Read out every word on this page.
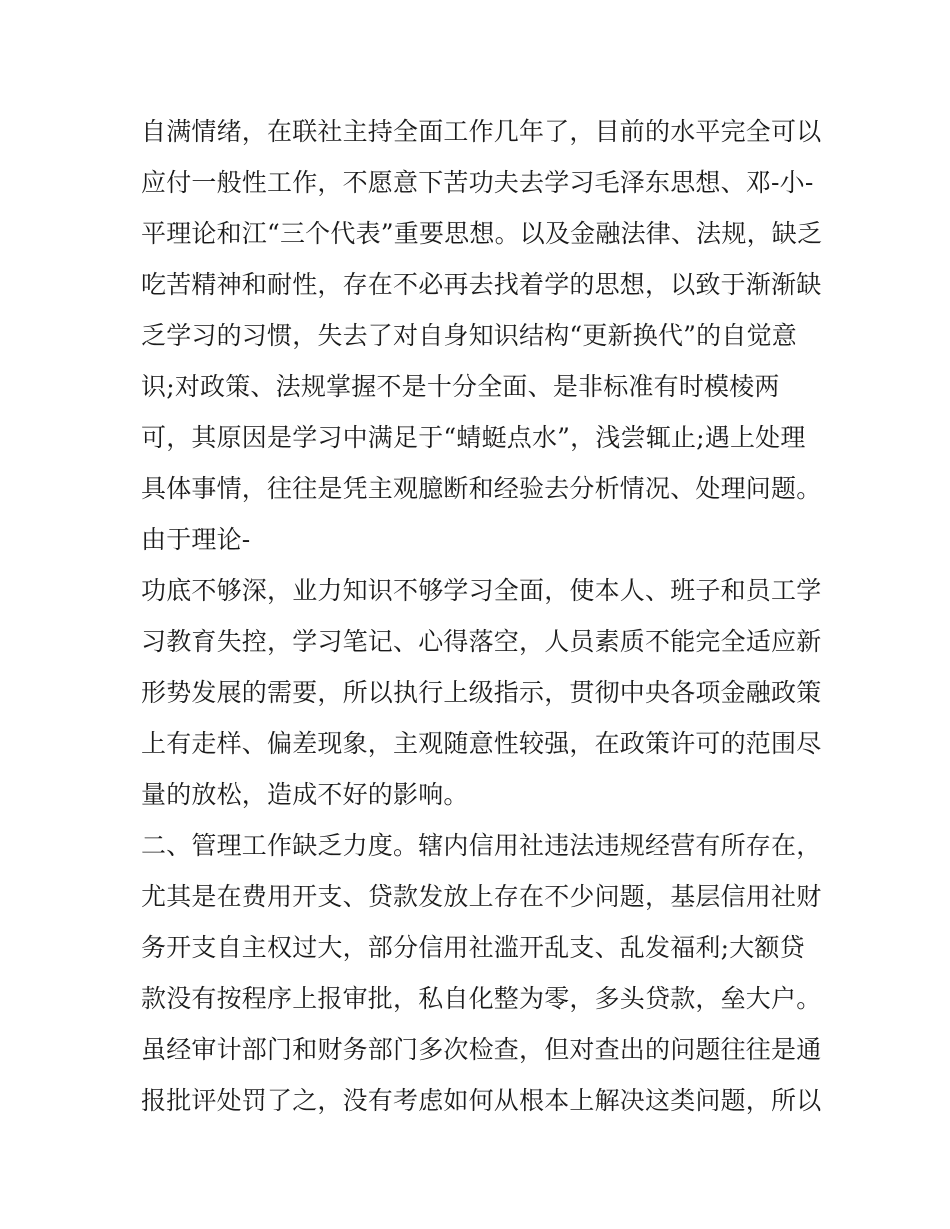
自满情绪，在联社主持全面工作几年了，目前的水平完全可以
应付一般性工作，不愿意下苦功夫去学习毛泽东思想、邓-小-
平理论和江“三个代表”重要思想。以及金融法律、法规，缺乏
吃苦精神和耐性，存在不必再去找着学的思想，以致于渐渐缺
乏学习的习惯，失去了对自身知识结构“更新换代”的自觉意
识;对政策、法规掌握不是十分全面、是非标准有时模棱两
可，其原因是学习中满足于“蜻蜓点水”，浅尝辄止;遇上处理
具体事情，往往是凭主观臆断和经验去分析情况、处理问题。
由于理论-
功底不够深，业力知识不够学习全面，使本人、班子和员工学
习教育失控，学习笔记、心得落空，人员素质不能完全适应新
形势发展的需要，所以执行上级指示，贯彻中央各项金融政策
上有走样、偏差现象，主观随意性较强，在政策许可的范围尽
量的放松，造成不好的影响。
二、管理工作缺乏力度。辖内信用社违法违规经营有所存在，
尤其是在费用开支、贷款发放上存在不少问题，基层信用社财
务开支自主权过大，部分信用社滥开乱支、乱发福利;大额贷
款没有按程序上报审批，私自化整为零，多头贷款，垒大户。
虽经审计部门和财务部门多次检查，但对查出的问题往往是通
报批评处罚了之，没有考虑如何从根本上解决这类问题，所以
